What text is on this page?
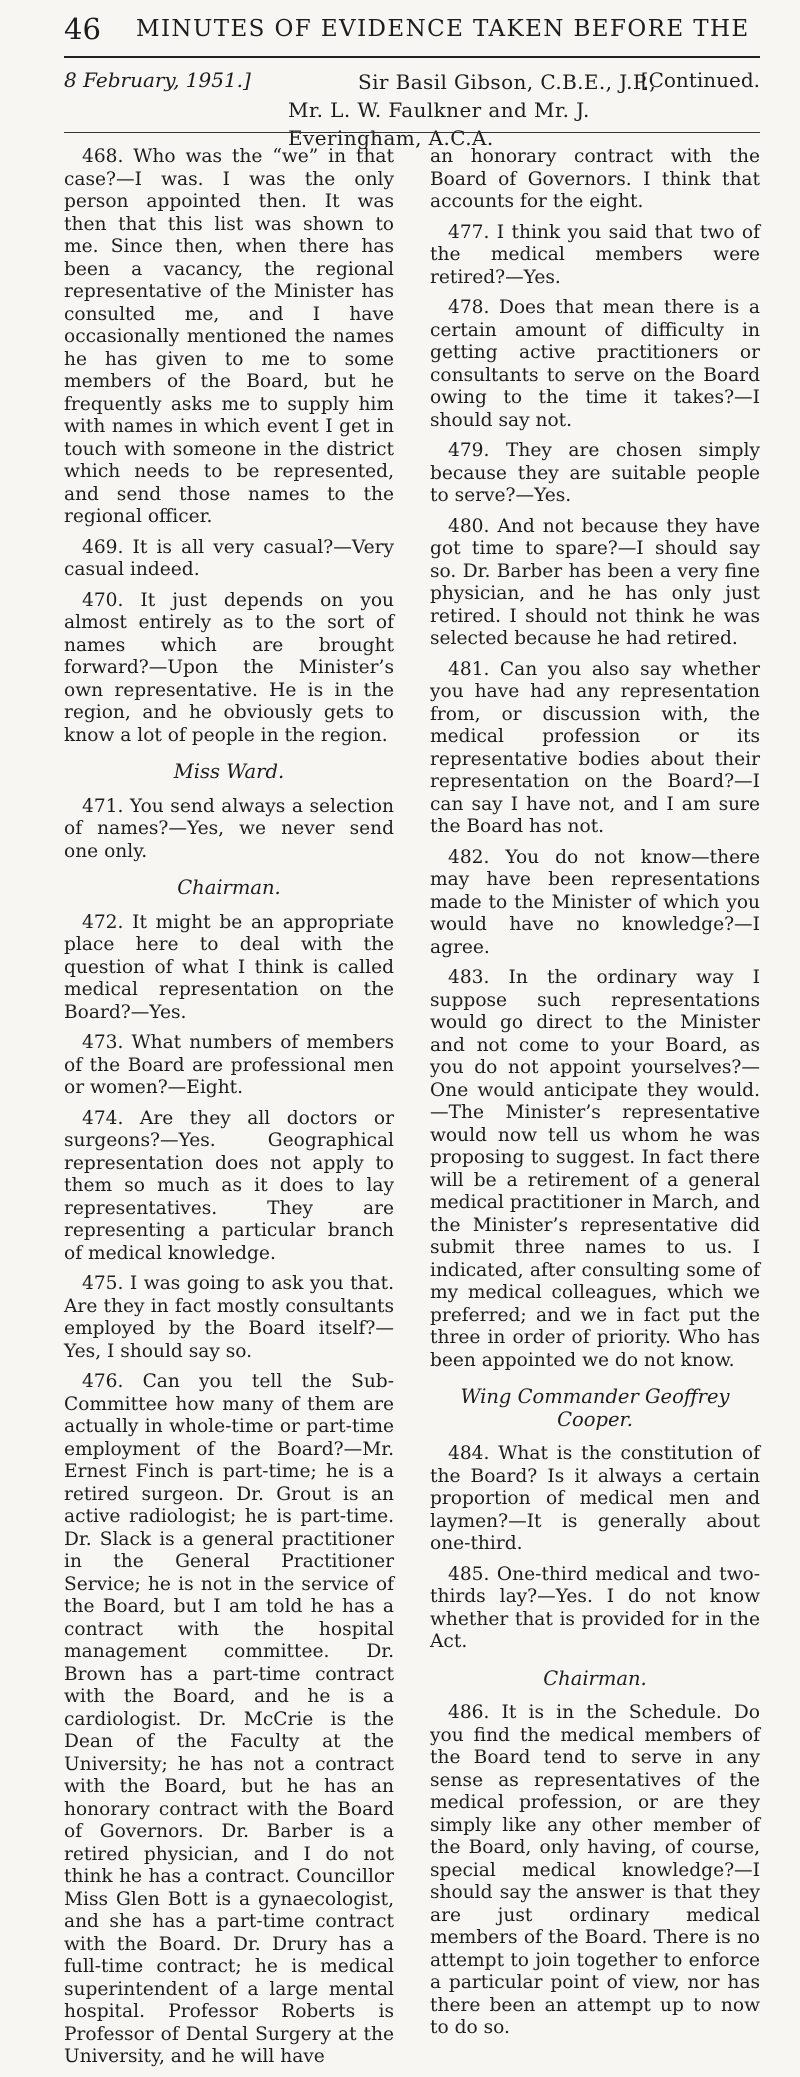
46 MINUTES OF EVIDENCE TAKEN BEFORE THE
8 February, 1951.]	Sir Basil Gibson, C.B.E., J.P.,
Mr. L. W. Faulkner and Mr. J. Everingham, A.C.A.
[Continued.

468. Who was the “we” in that case?—I was. I was the only person appointed then. It was then that this list was shown to me. Since then, when there has been a vacancy, the regional representative of the Minister has consulted me, and I have occasionally mentioned the names he has given to me to some members of the Board, but he frequently asks me to supply him with names in which event I get in touch with someone in the district which needs to be represented, and send those names to the regional officer.

469. It is all very casual?—Very casual indeed.

470. It just depends on you almost entirely as to the sort of names which are brought forward?—Upon the Minister’s own representative. He is in the region, and he obviously gets to know a lot of people in the region.

Miss Ward.

471. You send always a selection of names?—Yes, we never send one only.

Chairman.

472. It might be an appropriate place here to deal with the question of what I think is called medical representation on the Board?—Yes.

473. What numbers of members of the Board are professional men or women?—Eight.

474. Are they all doctors or surgeons?—Yes. Geographical representation does not apply to them so much as it does to lay representatives. They are representing a particular branch of medical knowledge.

475. I was going to ask you that. Are they in fact mostly consultants employed by the Board itself?—Yes, I should say so.

476. Can you tell the Sub-Committee how many of them are actually in whole-time or part-time employment of the Board?—Mr. Ernest Finch is part-time; he is a retired surgeon. Dr. Grout is an active radiologist; he is part-time. Dr. Slack is a general practitioner in the General Practitioner Service; he is not in the service of the Board, but I am told he has a contract with the hospital management committee. Dr. Brown has a part-time contract with the Board, and he is a cardiologist. Dr. McCrie is the Dean of the Faculty at the University; he has not a contract with the Board, but he has an honorary contract with the Board of Governors. Dr. Barber is a retired physician, and I do not think he has a contract. Councillor Miss Glen Bott is a gynaecologist, and she has a part-time contract with the Board. Dr. Drury has a full-time contract; he is medical superintendent of a large mental hospital. Professor Roberts is Professor of Dental Surgery at the University, and he will have

an honorary contract with the Board of Governors. I think that accounts for the eight.

477. I think you said that two of the medical members were retired?—Yes.

478. Does that mean there is a certain amount of difficulty in getting active practitioners or consultants to serve on the Board owing to the time it takes?—I should say not.

479. They are chosen simply because they are suitable people to serve?—Yes.

480. And not because they have got time to spare?—I should say so. Dr. Barber has been a very fine physician, and he has only just retired. I should not think he was selected because he had retired.

481. Can you also say whether you have had any representation from, or discussion with, the medical profession or its representative bodies about their representation on the Board?—I can say I have not, and I am sure the Board has not.

482. You do not know—there may have been representations made to the Minister of which you would have no knowledge?—I agree.

483. In the ordinary way I suppose such representations would go direct to the Minister and not come to your Board, as you do not appoint yourselves?—One would anticipate they would.—The Minister’s representative would now tell us whom he was proposing to suggest. In fact there will be a retirement of a general medical practitioner in March, and the Minister’s representative did submit three names to us. I indicated, after consulting some of my medical colleagues, which we preferred; and we in fact put the three in order of priority. Who has been appointed we do not know.

Wing Commander Geoffrey Cooper.

484. What is the constitution of the Board? Is it always a certain proportion of medical men and laymen?—It is generally about one-third.

485. One-third medical and two-thirds lay?—Yes. I do not know whether that is provided for in the Act.

Chairman.

486. It is in the Schedule. Do you find the medical members of the Board tend to serve in any sense as representatives of the medical profession, or are they simply like any other member of the Board, only having, of course, special medical knowledge?—I should say the answer is that they are just ordinary medical members of the Board. There is no attempt to join together to enforce a particular point of view, nor has there been an attempt up to now to do so.
